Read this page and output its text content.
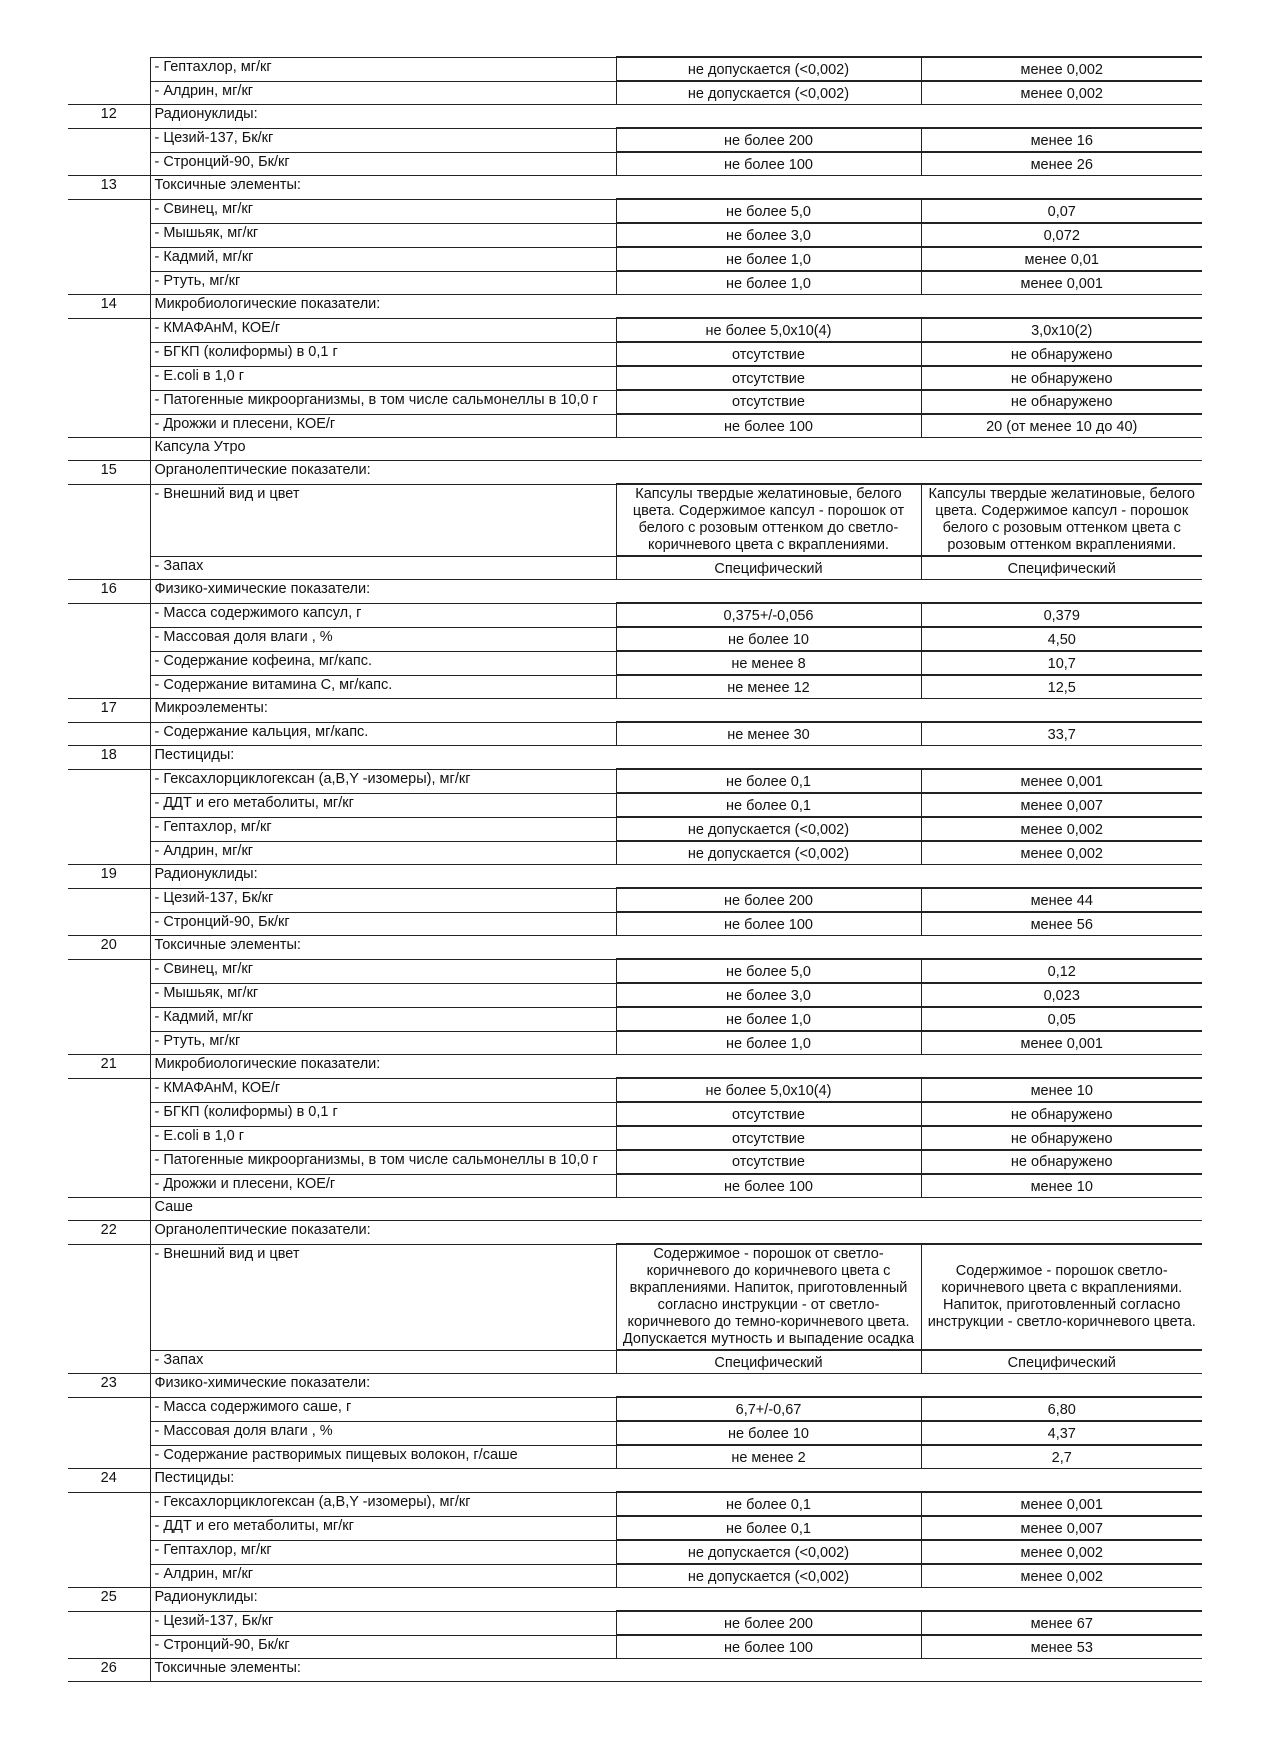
	- Гептахлор, мг/кг	не допускается (<0,002)	менее 0,002
	- Алдрин, мг/кг	не допускается (<0,002)	менее 0,002
12	Радионуклиды:		
	- Цезий-137, Бк/кг	не более 200	менее 16
	- Стронций-90, Бк/кг	не более 100	менее 26
13	Токсичные элементы:		
	- Свинец, мг/кг	не более 5,0	0,07
	- Мышьяк, мг/кг	не более 3,0	0,072
	- Кадмий, мг/кг	не более 1,0	менее 0,01
	- Ртуть, мг/кг	не более 1,0	менее 0,001
14	Микробиологические показатели:		
	- КМАФАнМ, КОЕ/г	не более 5,0х10(4)	3,0х10(2)
	- БГКП (колиформы) в 0,1 г	отсутствие	не обнаружено
	- E.coli в 1,0 г	отсутствие	не обнаружено
	- Патогенные микроорганизмы, в том числе сальмонеллы в 10,0 г	отсутствие	не обнаружено
	- Дрожжи и плесени, КОЕ/г	не более 100	20 (от менее 10 до 40)
	Капсула Утро		
15	Органолептические показатели:		
	- Внешний вид и цвет	Капсулы твердые желатиновые, белого цвета. Содержимое капсул - порошок от белого с розовым оттенком до светло-коричневого цвета с вкраплениями.	Капсулы твердые желатиновые, белого цвета. Содержимое капсул - порошок белого с розовым оттенком цвета с розовым оттенком вкраплениями.
	- Запах	Специфический	Специфический
16	Физико-химические показатели:		
	- Масса содержимого капсул, г	0,375+/-0,056	0,379
	- Массовая доля влаги , %	не более 10	4,50
	- Содержание кофеина, мг/капс.	не менее 8	10,7
	- Содержание витамина С, мг/капс.	не менее 12	12,5
17	Микроэлементы:		
	- Содержание кальция, мг/капс.	не менее 30	33,7
18	Пестициды:		
	- Гексахлорциклогексан (a,B,Y -изомеры), мг/кг	не более 0,1	менее 0,001
	- ДДТ и его метаболиты, мг/кг	не более 0,1	менее 0,007
	- Гептахлор, мг/кг	не допускается (<0,002)	менее 0,002
	- Алдрин, мг/кг	не допускается (<0,002)	менее 0,002
19	Радионуклиды:		
	- Цезий-137, Бк/кг	не более 200	менее 44
	- Стронций-90, Бк/кг	не более 100	менее 56
20	Токсичные элементы:		
	- Свинец, мг/кг	не более 5,0	0,12
	- Мышьяк, мг/кг	не более 3,0	0,023
	- Кадмий, мг/кг	не более 1,0	0,05
	- Ртуть, мг/кг	не более 1,0	менее 0,001
21	Микробиологические показатели:		
	- КМАФАнМ, КОЕ/г	не более 5,0х10(4)	менее 10
	- БГКП (колиформы) в 0,1 г	отсутствие	не обнаружено
	- E.coli в 1,0 г	отсутствие	не обнаружено
	- Патогенные микроорганизмы, в том числе сальмонеллы в 10,0 г	отсутствие	не обнаружено
	- Дрожжи и плесени, КОЕ/г	не более 100	менее 10
	Саше		
22	Органолептические показатели:		
	- Внешний вид и цвет	Содержимое - порошок от светло-коричневого до коричневого цвета с вкраплениями. Напиток, приготовленный согласно инструкции - от светло-коричневого до темно-коричневого цвета. Допускается мутность и выпадение осадка	Содержимое - порошок светло-коричневого цвета с вкраплениями. Напиток, приготовленный согласно инструкции - светло-коричневого цвета.
	- Запах	Специфический	Специфический
23	Физико-химические показатели:		
	- Масса содержимого саше, г	6,7+/-0,67	6,80
	- Массовая доля влаги , %	не более 10	4,37
	- Содержание растворимых пищевых волокон, г/саше	не менее 2	2,7
24	Пестициды:		
	- Гексахлорциклогексан (a,B,Y -изомеры), мг/кг	не более 0,1	менее 0,001
	- ДДТ и его метаболиты, мг/кг	не более 0,1	менее 0,007
	- Гептахлор, мг/кг	не допускается (<0,002)	менее 0,002
	- Алдрин, мг/кг	не допускается (<0,002)	менее 0,002
25	Радионуклиды:		
	- Цезий-137, Бк/кг	не более 200	менее 67
	- Стронций-90, Бк/кг	не более 100	менее 53
26	Токсичные элементы:		
